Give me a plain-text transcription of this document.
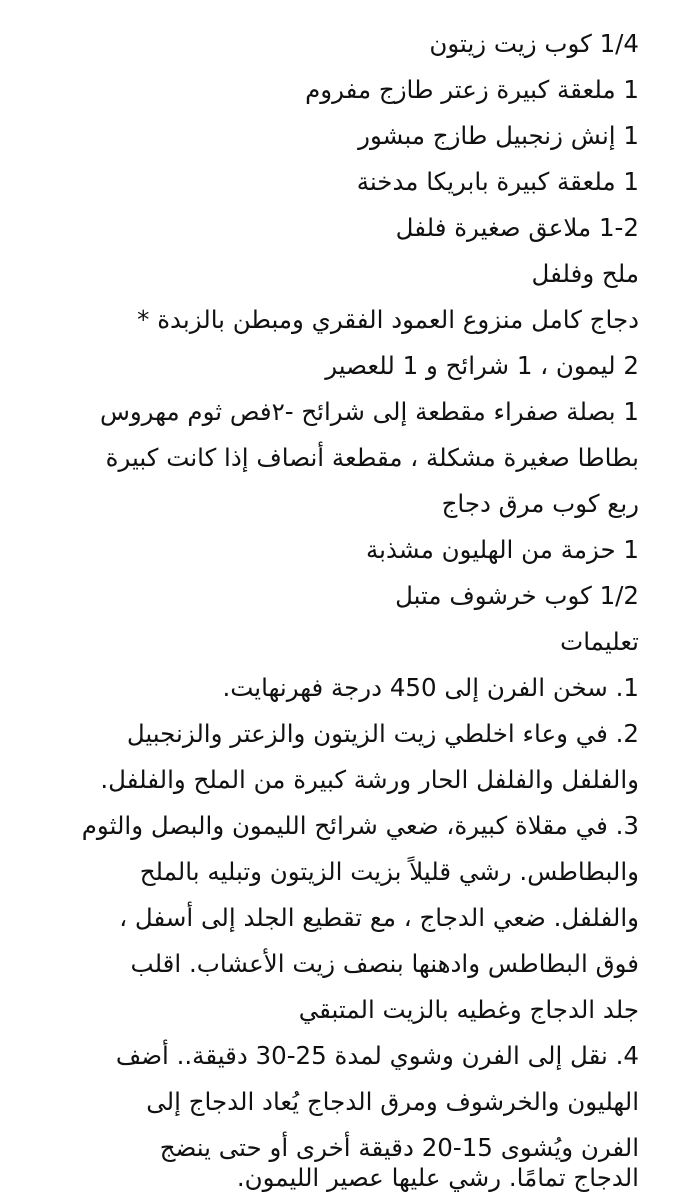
1/4 كوب زيت زيتون
1 ملعقة كبيرة زعتر طازج مفروم
1 إنش زنجبيل طازج مبشور
1 ملعقة كبيرة بابريكا مدخنة
1-2 ملاعق صغيرة فلفل
ملح وفلفل
دجاج كامل منزوع العمود الفقري ومبطن بالزبدة *
2 ليمون ، 1 شرائح و 1 للعصير
1 بصلة صفراء مقطعة إلى شرائح -٢فص ثوم مهروس
بطاطا صغيرة مشكلة ، مقطعة أنصاف إذا كانت كبيرة
ربع كوب مرق دجاج
1 حزمة من الهليون مشذبة
1/2 كوب خرشوف متبل
تعليمات
1. سخن الفرن إلى 450 درجة فهرنهايت.
2. في وعاء اخلطي زيت الزيتون والزعتر والزنجبيل
والفلفل والفلفل الحار ورشة كبيرة من الملح والفلفل.
3. في مقلاة كبيرة، ضعي شرائح الليمون والبصل والثوم
والبطاطس. رشي قليلاً بزيت الزيتون وتبليه بالملح
والفلفل. ضعي الدجاج ، مع تقطيع الجلد إلى أسفل ،
فوق البطاطس وادهنها بنصف زيت الأعشاب. اقلب
جلد الدجاج وغطيه بالزيت المتبقي
4. نقل إلى الفرن وشوي لمدة 25-30 دقيقة.. أضف
الهليون والخرشوف ومرق الدجاج يُعاد الدجاج إلى
الفرن ويُشوى 15-20 دقيقة أخرى أو حتى ينضج
الدجاج تمامًا. رشي عليها عصير الليمون.
